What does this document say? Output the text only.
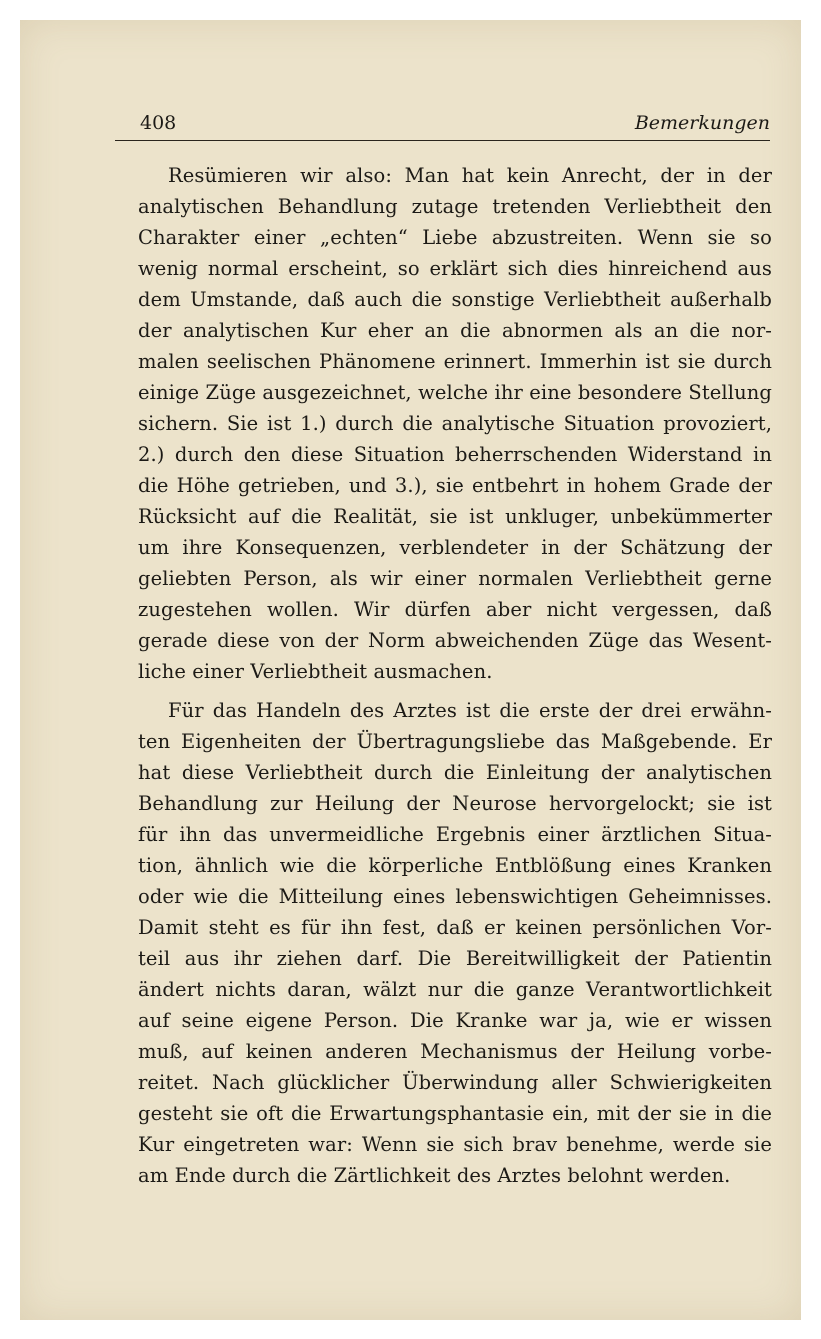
408	Bemerkungen
Resümieren wir also: Man hat kein Anrecht, der in der
analytischen Behandlung zutage tretenden Verliebtheit den
Charakter einer „echten“ Liebe abzustreiten. Wenn sie so
wenig normal erscheint, so erklärt sich dies hinreichend aus
dem Umstande, daß auch die sonstige Verliebtheit außerhalb
der analytischen Kur eher an die abnormen als an die nor-
malen seelischen Phänomene erinnert. Immerhin ist sie durch
einige Züge ausgezeichnet, welche ihr eine besondere Stellung
sichern. Sie ist 1.) durch die analytische Situation provoziert,
2.) durch den diese Situation beherrschenden Widerstand in
die Höhe getrieben, und 3.), sie entbehrt in hohem Grade der
Rücksicht auf die Realität, sie ist unkluger, unbekümmerter
um ihre Konsequenzen, verblendeter in der Schätzung der
geliebten Person, als wir einer normalen Verliebtheit gerne
zugestehen wollen. Wir dürfen aber nicht vergessen, daß
gerade diese von der Norm abweichenden Züge das Wesent-
liche einer Verliebtheit ausmachen.
Für das Handeln des Arztes ist die erste der drei erwähn-
ten Eigenheiten der Übertragungsliebe das Maßgebende. Er
hat diese Verliebtheit durch die Einleitung der analytischen
Behandlung zur Heilung der Neurose hervorgelockt; sie ist
für ihn das unvermeidliche Ergebnis einer ärztlichen Situa-
tion, ähnlich wie die körperliche Entblößung eines Kranken
oder wie die Mitteilung eines lebenswichtigen Geheimnisses.
Damit steht es für ihn fest, daß er keinen persönlichen Vor-
teil aus ihr ziehen darf. Die Bereitwilligkeit der Patientin
ändert nichts daran, wälzt nur die ganze Verantwortlichkeit
auf seine eigene Person. Die Kranke war ja, wie er wissen
muß, auf keinen anderen Mechanismus der Heilung vorbe-
reitet. Nach glücklicher Überwindung aller Schwierigkeiten
gesteht sie oft die Erwartungsphantasie ein, mit der sie in die
Kur eingetreten war: Wenn sie sich brav benehme, werde sie
am Ende durch die Zärtlichkeit des Arztes belohnt werden.
